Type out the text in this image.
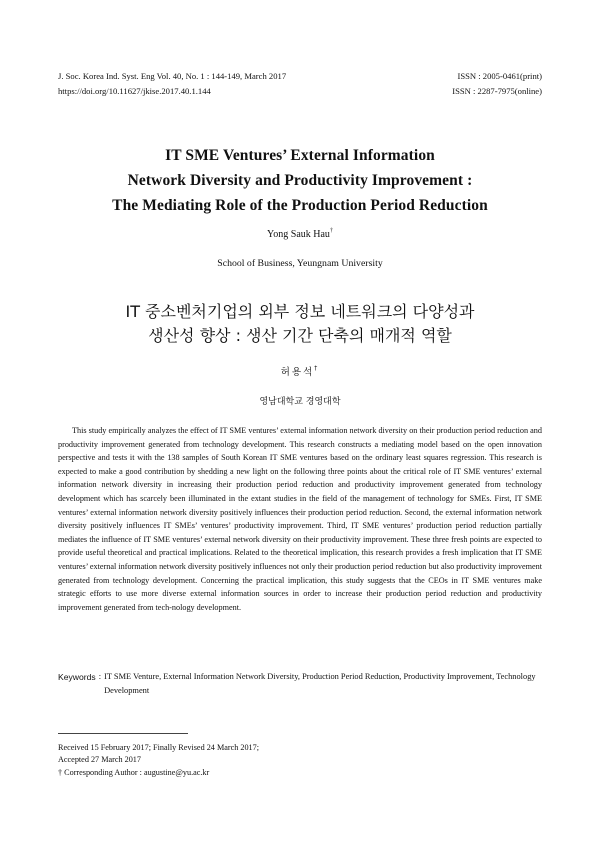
J. Soc. Korea Ind. Syst. Eng Vol. 40, No. 1 : 144-149, March 2017	ISSN : 2005-0461(print)
https://doi.org/10.11627/jkise.2017.40.1.144	ISSN : 2287-7975(online)
IT SME Ventures’ External Information
Network Diversity and Productivity Improvement :
The Mediating Role of the Production Period Reduction
Yong Sauk Hau†
School of Business, Yeungnam University
IT 중소벤처기업의 외부 정보 네트워크의 다양성과
생산성 향상 : 생산 기간 단축의 매개적 역할
허용석†
영남대학교 경영대학

This study empirically analyzes the effect of IT SME ventures’ external information network diversity on their production period reduction and productivity improvement generated from technology development. This research constructs a mediating model based on the open innovation perspective and tests it with the 138 samples of South Korean IT SME ventures based on the ordinary least squares regression. This research is expected to make a good contribution by shedding a new light on the following three points about the critical role of IT SME ventures’ external information network diversity in increasing their production period reduction and productivity improvement generated from technology development which has scarcely been illuminated in the extant studies in the field of the management of technology for SMEs. First, IT SME ventures’ external information network diversity positively influences their production period reduction. Second, the external information network diversity positively influences IT SMEs’ ventures’ productivity improvement. Third, IT SME ventures’ production period reduction partially mediates the influence of IT SME ventures’ external network diversity on their productivity improvement. These three fresh points are expected to provide useful theoretical and practical implications. Related to the theoretical implication, this research provides a fresh implication that IT SME ventures’ external information network diversity positively influences not only their production period reduction but also productivity improvement generated from technology development. Concerning the practical implication, this study suggests that the CEOs in IT SME ventures make strategic efforts to use more diverse external information sources in order to increase their production period reduction and productivity improvement generated from tech-nology development.

Keywords : IT SME Venture, External Information Network Diversity, Production Period Reduction, Productivity Improvement, Technology Development
Received 15 February 2017; Finally Revised 24 March 2017;
Accepted 27 March 2017
† Corresponding Author : augustine@yu.ac.kr
